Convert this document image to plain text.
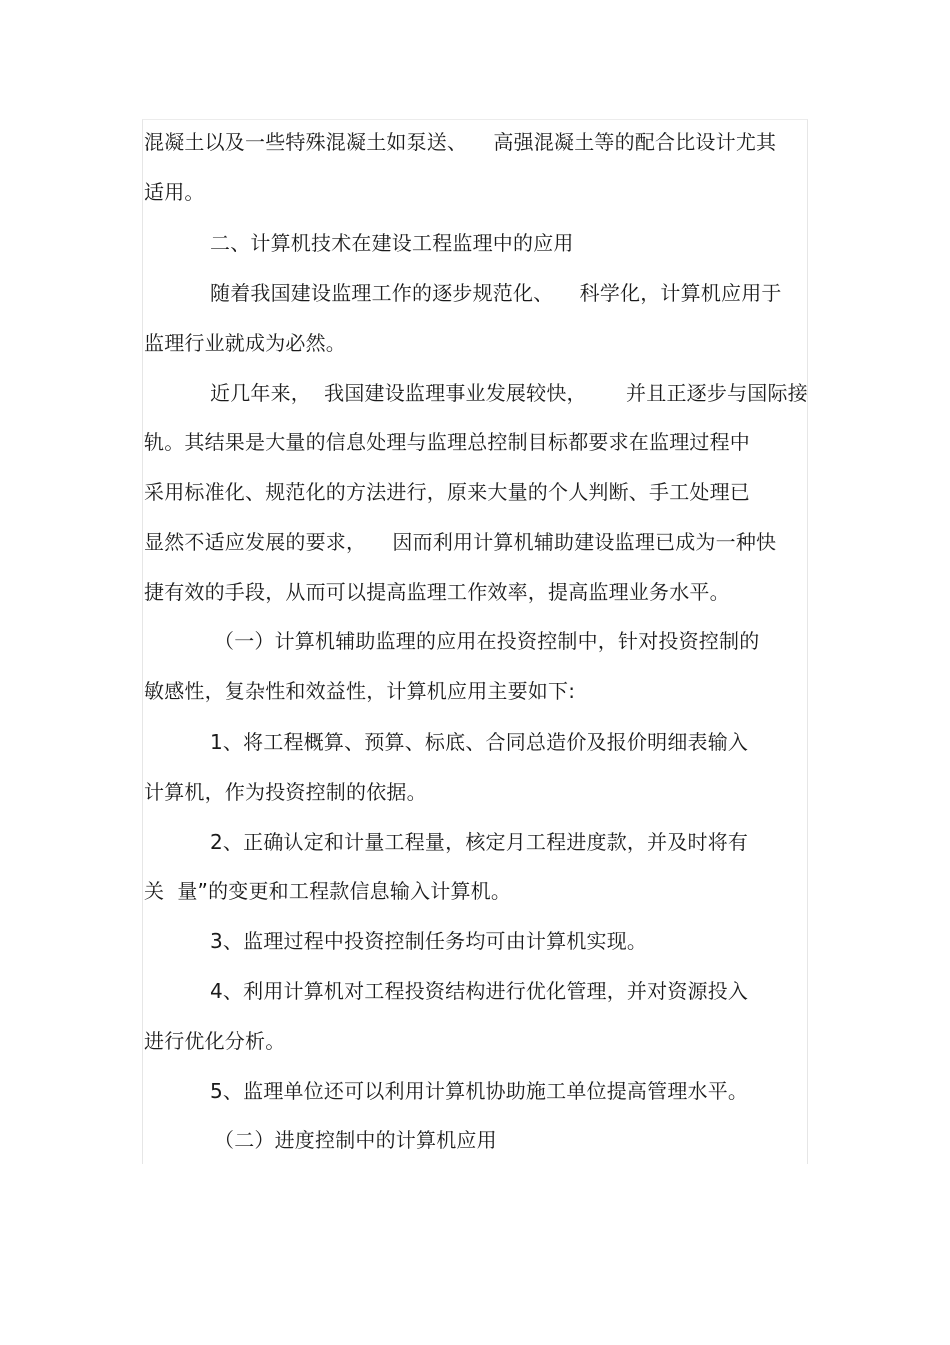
混凝土以及一些特殊混凝土如泵送、    高强混凝土等的配合比设计尤其
适用。
二、计算机技术在建设工程监理中的应用
随着我国建设监理工作的逐步规范化、    科学化，计算机应用于
监理行业就成为必然。
近几年来，  我国建设监理事业发展较快，      并且正逐步与国际接
轨。其结果是大量的信息处理与监理总控制目标都要求在监理过程中
采用标准化、规范化的方法进行，原来大量的个人判断、手工处理已
显然不适应发展的要求，    因而利用计算机辅助建设监理已成为一种快
捷有效的手段，从而可以提高监理工作效率，提高监理业务水平。
（一）计算机辅助监理的应用在投资控制中，针对投资控制的
敏感性，复杂性和效益性，计算机应用主要如下:
1、将工程概算、预算、标底、合同总造价及报价明细表输入
计算机，作为投资控制的依据。
2、正确认定和计量工程量，核定月工程进度款，并及时将有
关  量”的变更和工程款信息输入计算机。
3、监理过程中投资控制任务均可由计算机实现。
4、利用计算机对工程投资结构进行优化管理，并对资源投入
进行优化分析。
5、监理单位还可以利用计算机协助施工单位提高管理水平。
（二）进度控制中的计算机应用
